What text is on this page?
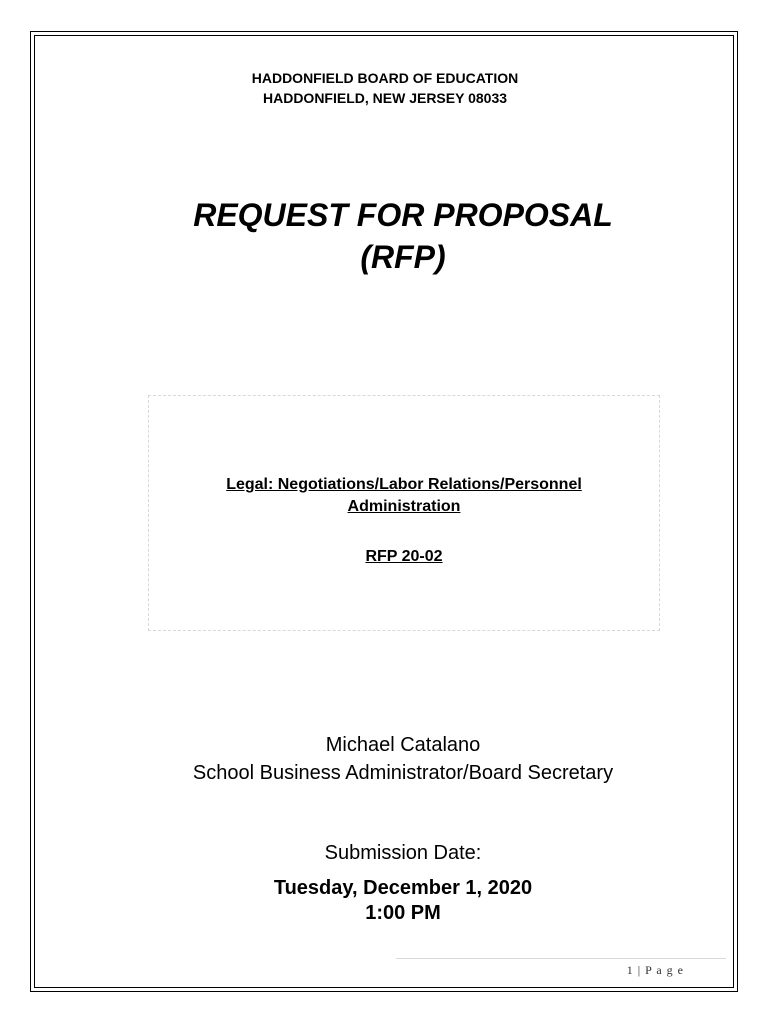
HADDONFIELD BOARD OF EDUCATION
HADDONFIELD, NEW JERSEY 08033
REQUEST FOR PROPOSAL
(RFP)
Legal: Negotiations/Labor Relations/Personnel
Administration
RFP 20-02
Michael Catalano
School Business Administrator/Board Secretary
Submission Date:
Tuesday, December 1, 2020
1:00 PM
1 | P a g e
